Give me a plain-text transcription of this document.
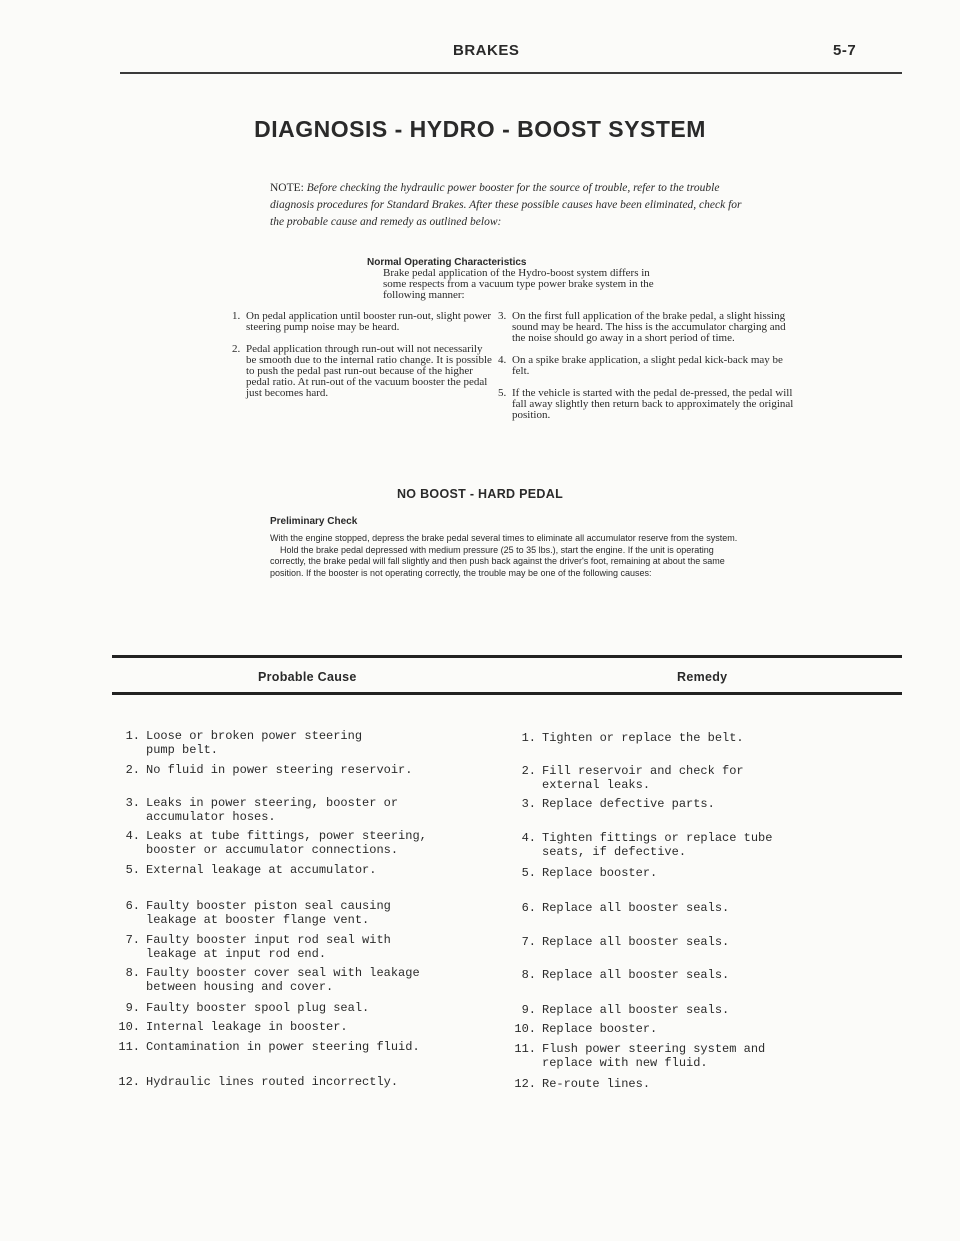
BRAKES	5-7
DIAGNOSIS - HYDRO - BOOST SYSTEM
NOTE: Before checking the hydraulic power booster for the source of trouble, refer to the trouble diagnosis procedures for Standard Brakes. After these possible causes have been eliminated, check for the probable cause and remedy as outlined below:
Normal Operating Characteristics
Brake pedal application of the Hydro-boost system differs in some respects from a vacuum type power brake system in the following manner:
1. On pedal application until booster run-out, slight power steering pump noise may be heard.
2. Pedal application through run-out will not necessarily be smooth due to the internal ratio change. It is possible to push the pedal past run-out because of the higher pedal ratio. At run-out of the vacuum booster the pedal just becomes hard.
3. On the first full application of the brake pedal, a slight hissing sound may be heard. The hiss is the accumulator charging and the noise should go away in a short period of time.
4. On a spike brake application, a slight pedal kick-back may be felt.
5. If the vehicle is started with the pedal de-pressed, the pedal will fall away slightly then return back to approximately the original position.
NO BOOST - HARD PEDAL
Preliminary Check

With the engine stopped, depress the brake pedal several times to eliminate all accumulator reserve from the system.

Hold the brake pedal depressed with medium pressure (25 to 35 lbs.), start the engine. If the unit is operating correctly, the brake pedal will fall slightly and then push back against the driver's foot, remaining at about the same position. If the booster is not operating correctly, the trouble may be one of the following causes:

Probable Cause	Remedy
1. Loose or broken power steering
pump belt.
2. No fluid in power steering reservoir.
3. Leaks in power steering, booster or
accumulator hoses.
4. Leaks at tube fittings, power steering,
booster or accumulator connections.
5. External leakage at accumulator.
6. Faulty booster piston seal causing
leakage at booster flange vent.
7. Faulty booster input rod seal with
leakage at input rod end.
8. Faulty booster cover seal with leakage
between housing and cover.
9. Faulty booster spool plug seal.
10. Internal leakage in booster.
11. Contamination in power steering fluid.
12. Hydraulic lines routed incorrectly.
1. Tighten or replace the belt.
2. Fill reservoir and check for
external leaks.
3. Replace defective parts.
4. Tighten fittings or replace tube
seats, if defective.
5. Replace booster.
6. Replace all booster seals.
7. Replace all booster seals.
8. Replace all booster seals.
9. Replace all booster seals.
10. Replace booster.
11. Flush power steering system and
replace with new fluid.
12. Re-route lines.
